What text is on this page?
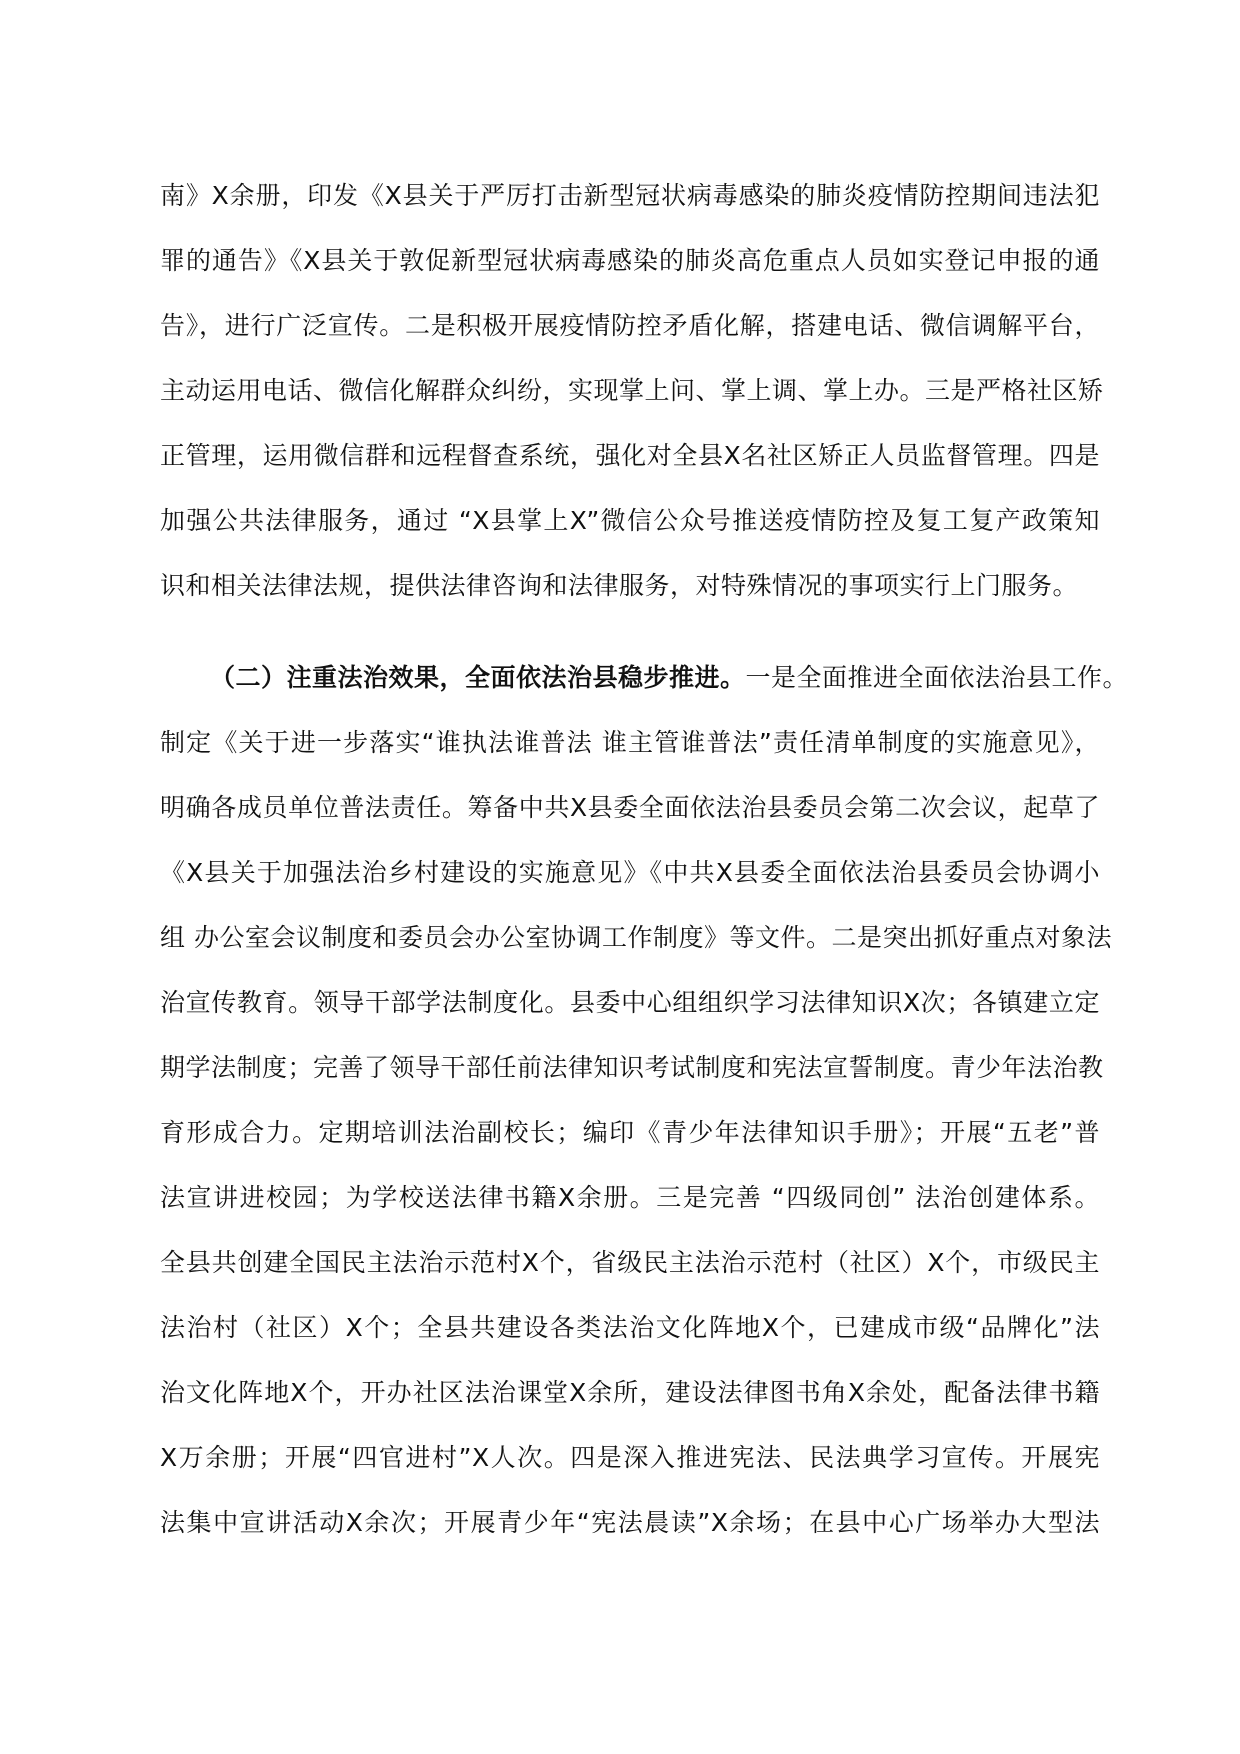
南》X余册，印发《X县关于严厉打击新型冠状病毒感染的肺炎疫情防控期间违法犯
罪的通告》《X县关于敦促新型冠状病毒感染的肺炎高危重点人员如实登记申报的通
告》，进行广泛宣传。二是积极开展疫情防控矛盾化解，搭建电话、微信调解平台，
主动运用电话、微信化解群众纠纷，实现掌上问、掌上调、掌上办。三是严格社区矫
正管理，运用微信群和远程督查系统，强化对全县X名社区矫正人员监督管理。四是
加强公共法律服务，通过 “X县掌上X”微信公众号推送疫情防控及复工复产政策知
识和相关法律法规，提供法律咨询和法律服务，对特殊情况的事项实行上门服务。
（二）注重法治效果，全面依法治县稳步推进。一是全面推进全面依法治县工作。
制定《关于进一步落实“谁执法谁普法 谁主管谁普法”责任清单制度的实施意见》，
明确各成员单位普法责任。筹备中共X县委全面依法治县委员会第二次会议，起草了
《X县关于加强法治乡村建设的实施意见》《中共X县委全面依法治县委员会协调小
组 办公室会议制度和委员会办公室协调工作制度》等文件。二是突出抓好重点对象法
治宣传教育。领导干部学法制度化。县委中心组组织学习法律知识X次；各镇建立定
期学法制度；完善了领导干部任前法律知识考试制度和宪法宣誓制度。青少年法治教
育形成合力。定期培训法治副校长；编印《青少年法律知识手册》；开展“五老”普
法宣讲进校园；为学校送法律书籍X余册。三是完善 “四级同创” 法治创建体系。
全县共创建全国民主法治示范村X个，省级民主法治示范村（社区）X个，市级民主
法治村（社区）X个；全县共建设各类法治文化阵地X个，已建成市级“品牌化”法
治文化阵地X个，开办社区法治课堂X余所，建设法律图书角X余处，配备法律书籍
X万余册；开展“四官进村”X人次。四是深入推进宪法、民法典学习宣传。开展宪
法集中宣讲活动X余次；开展青少年“宪法晨读”X余场；在县中心广场举办大型法
